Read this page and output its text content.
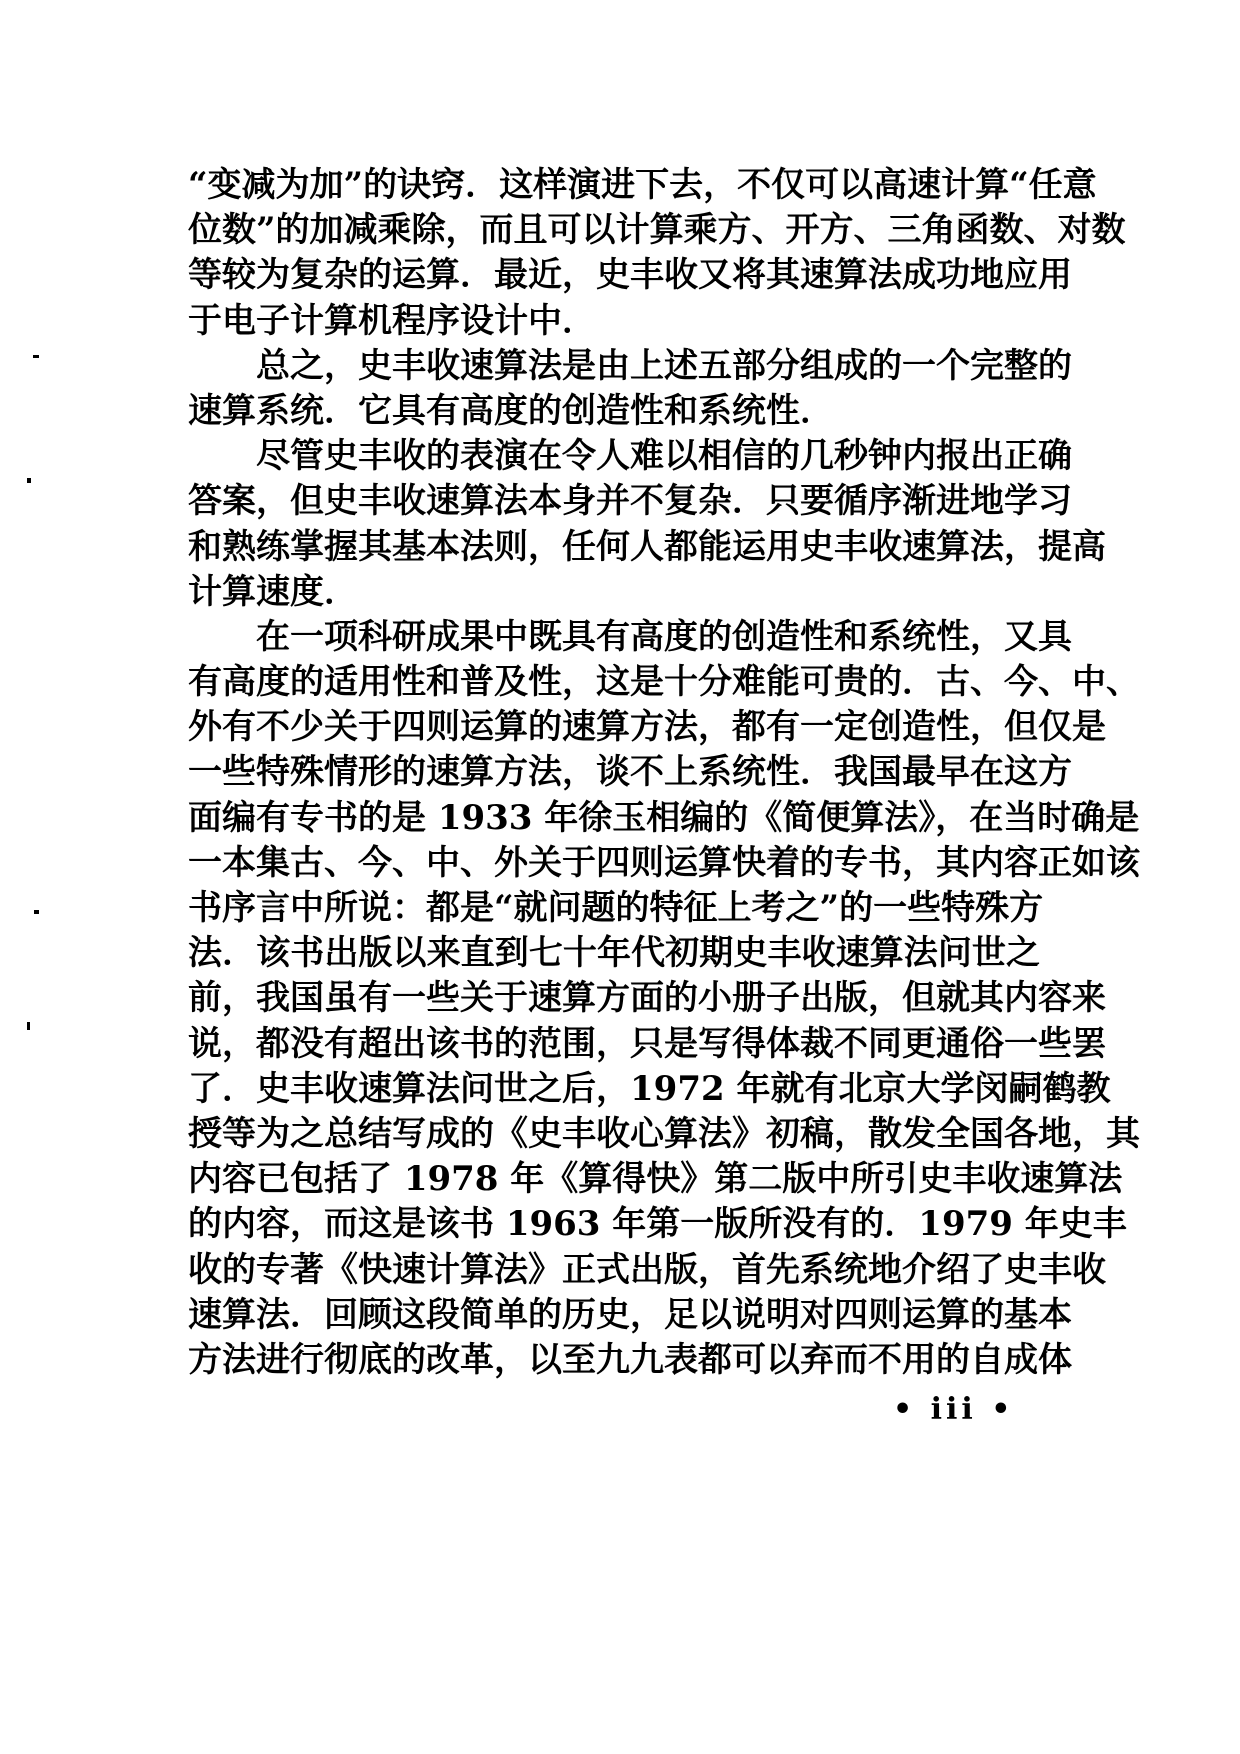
“变减为加”的诀窍．这样演进下去，不仅可以高速计算“任意
位数”的加减乘除，而且可以计算乘方、开方、三角函数、对数
等较为复杂的运算．最近，史丰收又将其速算法成功地应用
于电子计算机程序设计中．
总之，史丰收速算法是由上述五部分组成的一个完整的
速算系统．它具有高度的创造性和系统性．
尽管史丰收的表演在令人难以相信的几秒钟内报出正确
答案，但史丰收速算法本身并不复杂．只要循序渐进地学习
和熟练掌握其基本法则，任何人都能运用史丰收速算法，提高
计算速度．
在一项科研成果中既具有高度的创造性和系统性，又具
有高度的适用性和普及性，这是十分难能可贵的．古、今、中、
外有不少关于四则运算的速算方法，都有一定创造性，但仅是
一些特殊情形的速算方法，谈不上系统性．我国最早在这方
面编有专书的是 1933 年徐玉相编的《简便算法》，在当时确是
一本集古、今、中、外关于四则运算快着的专书，其内容正如该
书序言中所说：都是“就问题的特征上考之”的一些特殊方
法．该书出版以来直到七十年代初期史丰收速算法问世之
前，我国虽有一些关于速算方面的小册子出版，但就其内容来
说，都没有超出该书的范围，只是写得体裁不同更通俗一些罢
了．史丰收速算法问世之后，1972 年就有北京大学闵嗣鹤教
授等为之总结写成的《史丰收心算法》初稿，散发全国各地，其
内容已包括了 1978 年《算得快》第二版中所引史丰收速算法
的内容，而这是该书 1963 年第一版所没有的．1979 年史丰
收的专著《快速计算法》正式出版，首先系统地介绍了史丰收
速算法．回顾这段简单的历史，足以说明对四则运算的基本
方法进行彻底的改革，以至九九表都可以弃而不用的自成体
• iii •
